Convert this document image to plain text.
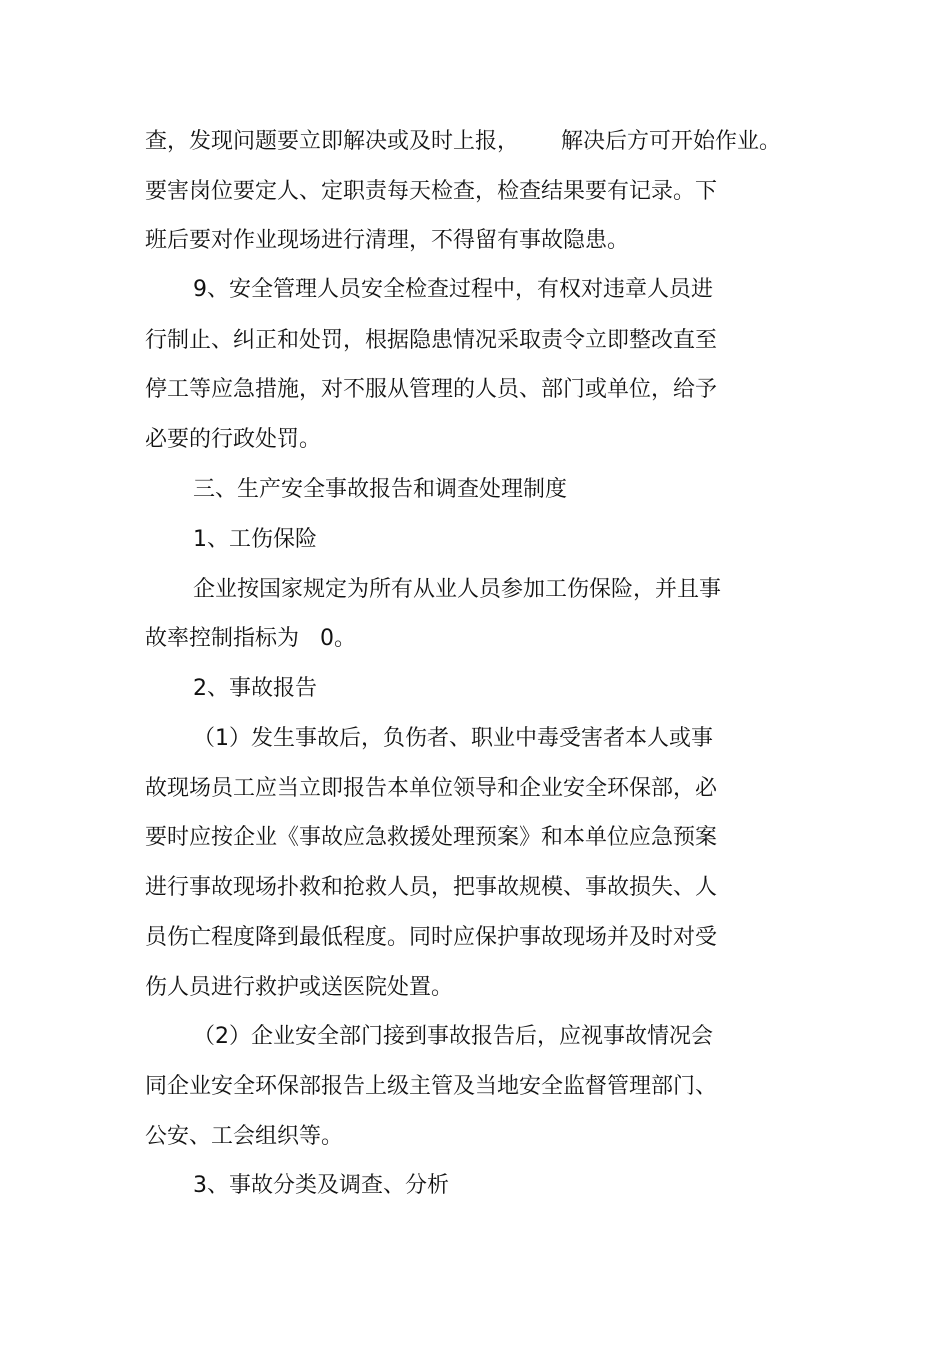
查，发现问题要立即解决或及时上报，      解决后方可开始作业。
要害岗位要定人、定职责每天检查，检查结果要有记录。下
班后要对作业现场进行清理，不得留有事故隐患。
9、安全管理人员安全检查过程中，有权对违章人员进
行制止、纠正和处罚，根据隐患情况采取责令立即整改直至
停工等应急措施，对不服从管理的人员、部门或单位，给予
必要的行政处罚。
三、生产安全事故报告和调查处理制度
1、工伤保险
企业按国家规定为所有从业人员参加工伤保险，并且事
故率控制指标为   0。
2、事故报告
（1）发生事故后，负伤者、职业中毒受害者本人或事
故现场员工应当立即报告本单位领导和企业安全环保部，必
要时应按企业《事故应急救援处理预案》和本单位应急预案
进行事故现场扑救和抢救人员，把事故规模、事故损失、人
员伤亡程度降到最低程度。同时应保护事故现场并及时对受
伤人员进行救护或送医院处置。
（2）企业安全部门接到事故报告后，应视事故情况会
同企业安全环保部报告上级主管及当地安全监督管理部门、
公安、工会组织等。
3、事故分类及调查、分析
